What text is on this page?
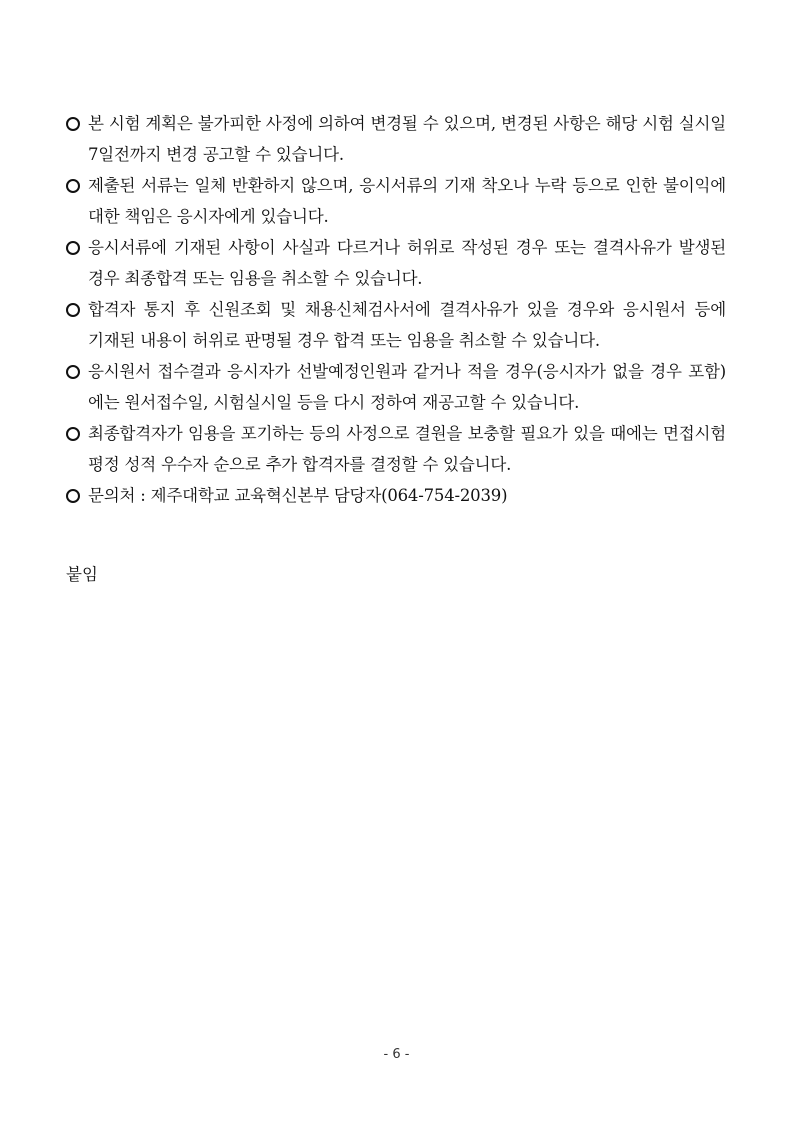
본 시험 계획은 불가피한 사정에 의하여 변경될 수 있으며, 변경된 사항은 해당 시험 실시일 7일전까지 변경 공고할 수 있습니다.
제출된 서류는 일체 반환하지 않으며, 응시서류의 기재 착오나 누락 등으로 인한 불이익에 대한 책임은 응시자에게 있습니다.
응시서류에 기재된 사항이 사실과 다르거나 허위로 작성된 경우 또는 결격사유가 발생된 경우 최종합격 또는 임용을 취소할 수 있습니다.
합격자 통지 후 신원조회 및 채용신체검사서에 결격사유가 있을 경우와 응시원서 등에 기재된 내용이 허위로 판명될 경우 합격 또는 임용을 취소할 수 있습니다.
응시원서 접수결과 응시자가 선발예정인원과 같거나 적을 경우(응시자가 없을 경우 포함)에는 원서접수일, 시험실시일 등을 다시 정하여 재공고할 수 있습니다.
최종합격자가 임용을 포기하는 등의 사정으로 결원을 보충할 필요가 있을 때에는 면접시험 평정 성적 우수자 순으로 추가 합격자를 결정할 수 있습니다.
문의처 : 제주대학교 교육혁신본부 담당자(064-754-2039)
붙임
- 6 -
